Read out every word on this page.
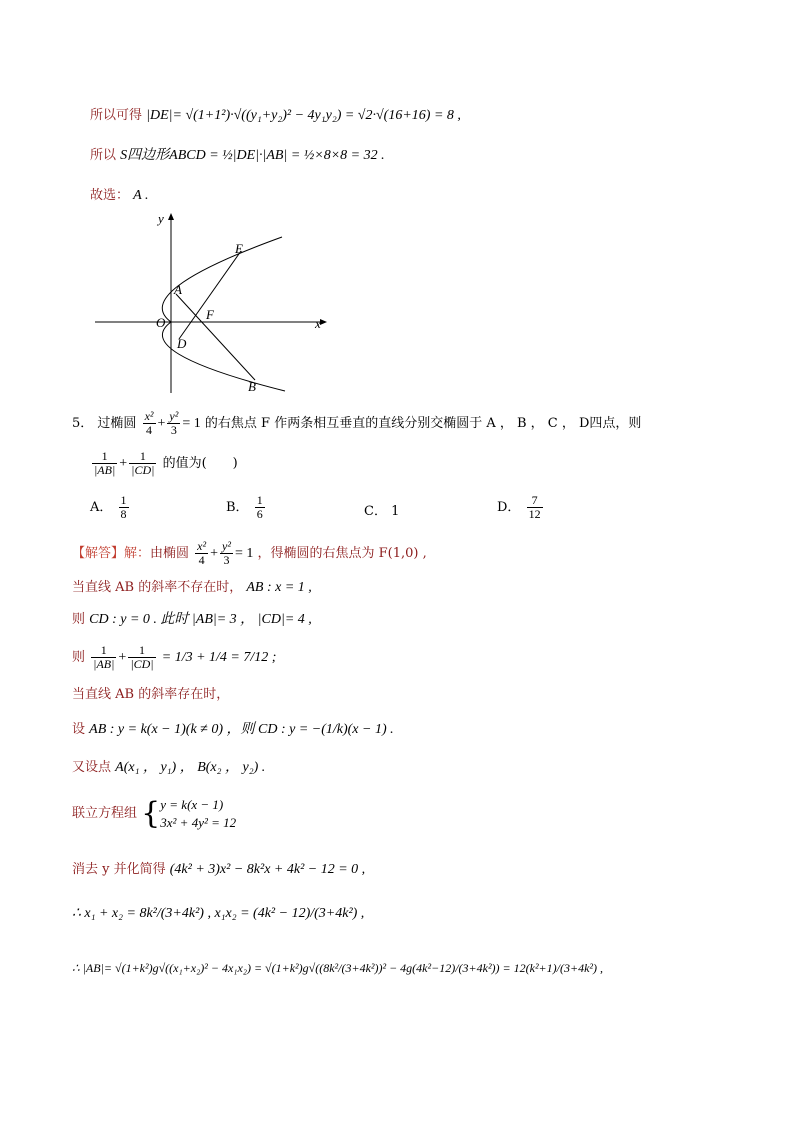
所以可得 |DE|= √(1+1²)·√((y₁+y₂)² − 4y₁y₂) = √2·√(16+16) = 8 ,
所以 S四边形ABCD = ½|DE|·|AB| = ½×8×8 = 32 .
故选： A .
y
x
O
A
F
E
D
B
5． 过椭圆 $\frac{\text{x²}}{4} + \frac{\text{y²}}{3} = 1$ 的右焦点 F 作两条相互垂直的直线分别交椭圆于 A ， B ， C ， D四点，则
$\frac{1}{|AB|} + \frac{1}{|CD|}$ 的值为(　　)
A． $\frac{1}{8}$	B． $\frac{1}{6}$	C． 1	D． $\frac{7}{12}$
【解答】解：由椭圆 $\frac{\text{x²}}{4} + \frac{\text{y²}}{3} = 1$ ，得椭圆的右焦点为 F(1,0) ,
当直线 AB 的斜率不存在时， AB : x = 1 ,
则 CD : y = 0 . 此时 |AB|= 3 ， |CD|= 4 ,
则 $\frac{1}{|AB|} + \frac{1}{|CD|} = 1/3 + 1/4 = 7/12$ ;
当直线 AB 的斜率存在时，
设 AB : y = k(x − 1)(k ≠ 0) ，则 CD : y = −(1/k)(x − 1) .
又设点 A(x₁ ， y₁) ， B(x₂ ， y₂) .
联立方程组 { y = k(x − 1)
3x² + 4y² = 12
消去 y 并化简得 (4k² + 3)x² − 8k²x + 4k² − 12 = 0 ,
∴ x₁ + x₂ = 8k²/(3+4k²) , x₁x₂ = (4k² − 12)/(3+4k²) ,
∴ |AB|= √(1+k²)g√((x₁+x₂)² − 4x₁x₂) = √(1+k²)g√((8k²/(3+4k²))² − 4g(4k²−12)/(3+4k²)) = 12(k²+1)/(3+4k²) ,
